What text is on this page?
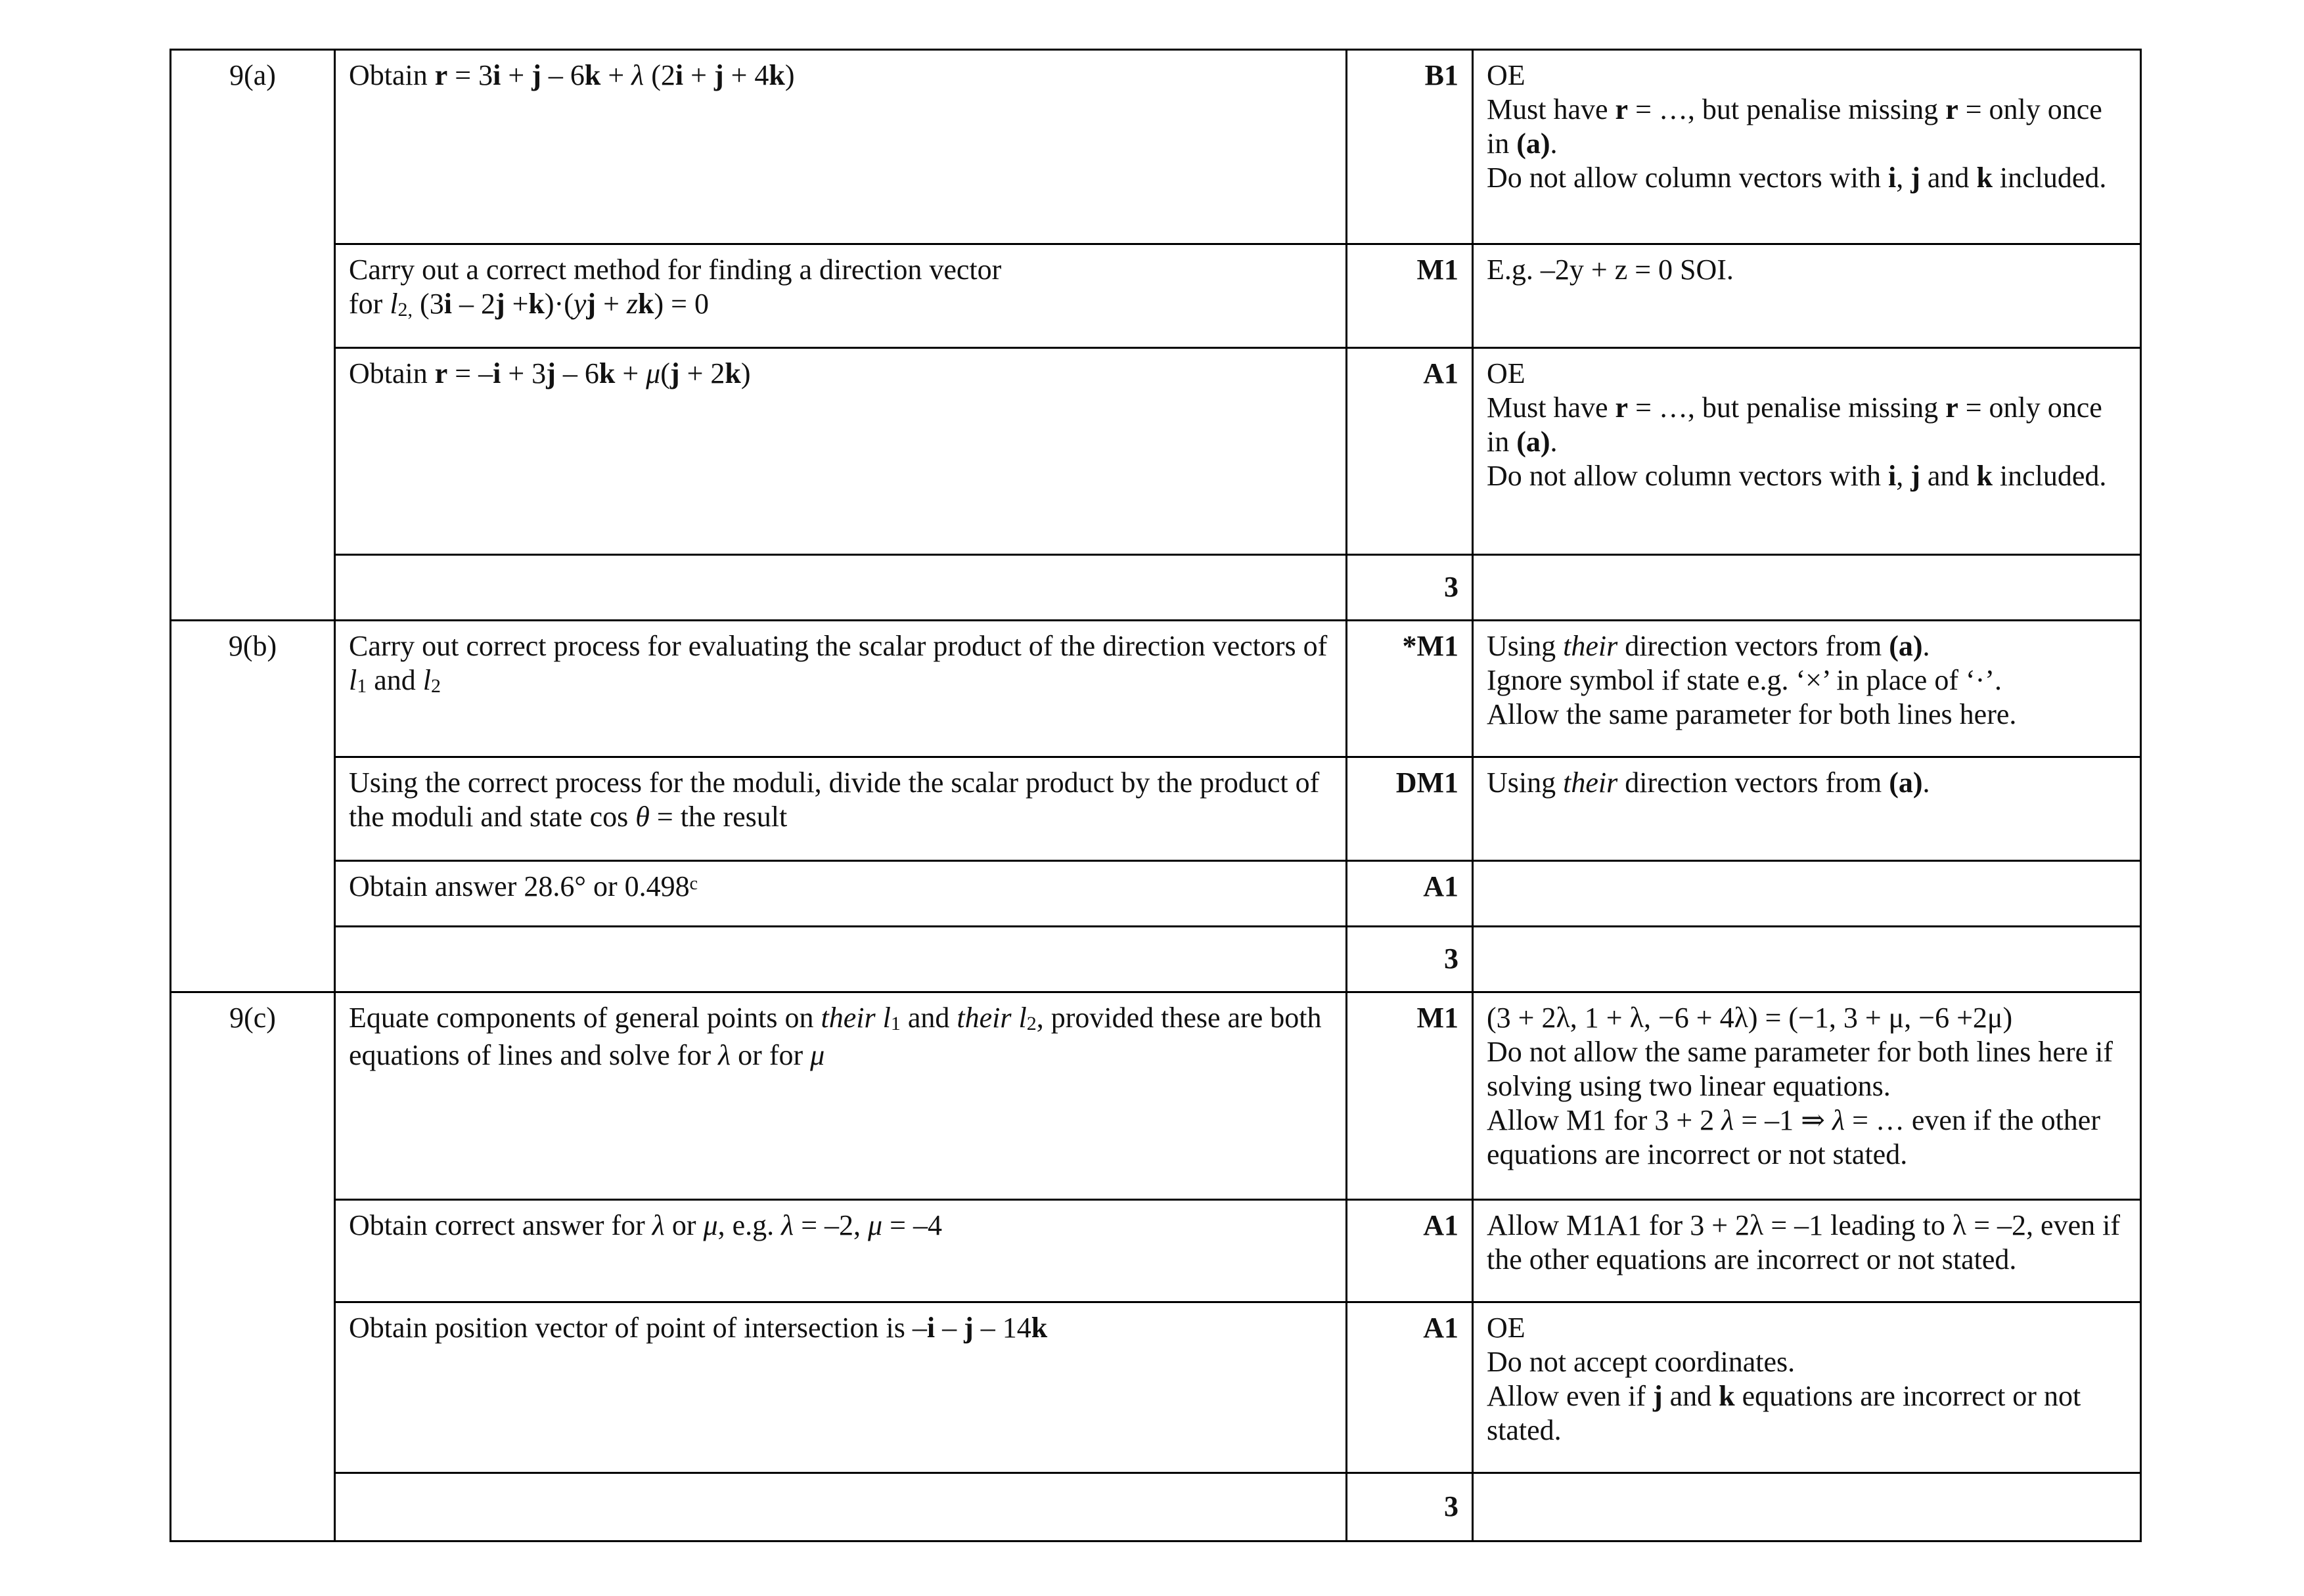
9(a)	Obtain r = 3i + j – 6k + λ (2i + j + 4k)	B1	OE
Must have r = …, but penalise missing r = only once in (a).
Do not allow column vectors with i, j and k included.

	Carry out a correct method for finding a direction vector
for l2, (3i – 2j +k)·(yj + zk) = 0	M1	E.g. –2y + z = 0 SOI.
	Obtain r = –i + 3j – 6k + μ(j + 2k)	A1	OE
Must have r = …, but penalise missing r = only once in (a).
Do not allow column vectors with i, j and k included.

		3	
9(b)	Carry out correct process for evaluating the scalar product of the direction vectors of l1 and l2	*M1	Using their direction vectors from (a).
Ignore symbol if state e.g. ‘×’ in place of ‘·’.
Allow the same parameter for both lines here.

	Using the correct process for the moduli, divide the scalar product by the product of the moduli and state cos θ = the result	DM1	Using their direction vectors from (a).
	Obtain answer 28.6° or 0.498$^c$	A1	
		3	
9(c)	Equate components of general points on their l1 and their l2, provided these are both equations of lines and solve for λ or for μ	M1	(3 + 2λ, 1 + λ, −6 + 4λ) = (−1, 3 + μ, −6 +2μ)
Do not allow the same parameter for both lines here if solving using two linear equations.
Allow M1 for 3 + 2 λ = –1 ⇒ λ = … even if the other equations are incorrect or not stated.

	Obtain correct answer for λ or μ, e.g. λ = –2, μ = –4	A1	Allow M1A1 for 3 + 2λ = –1 leading to λ = –2, even if the other equations are incorrect or not stated.
	Obtain position vector of point of intersection is –i – j – 14k	A1	OE
Do not accept coordinates.
Allow even if j and k equations are incorrect or not stated.

		3	
